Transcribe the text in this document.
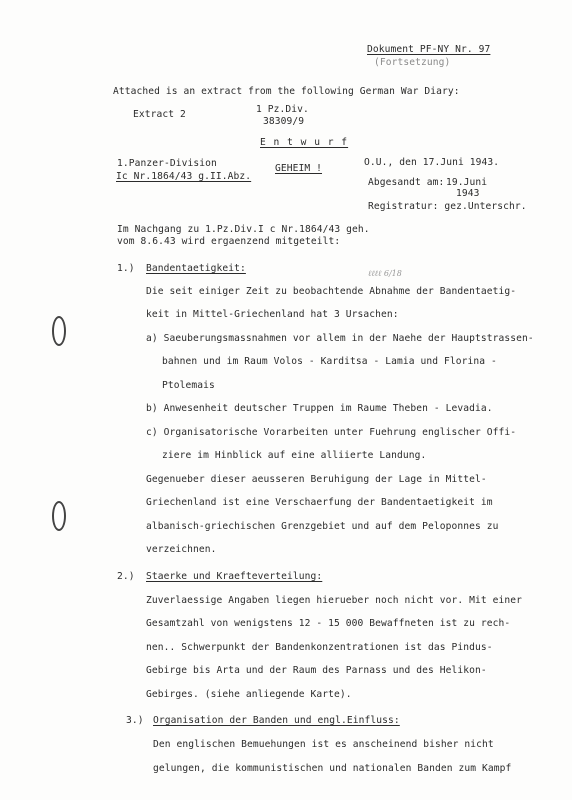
Dokument PF-NY Nr. 97
(Fortsetzung)
Attached is an extract from the following German War Diary:
Extract 2	1 Pz.Div.
38309/9
E n t w u r f
1.Panzer-Division
Ic Nr.1864/43 g.II.Abz.
GEHEIM !
O.U., den 17.Juni 1943.
Abgesandt am: 19.Juni
1943
Registratur: gez.Unterschr.
Im Nachgang zu 1.Pz.Div.I c Nr.1864/43 geh.
vom 8.6.43 wird ergaenzend mitgeteilt:
ℓℓℓℓ 6/18
1.) Bandentaetigkeit:
Die seit einiger Zeit zu beobachtende Abnahme der Bandentaetig-
keit in Mittel-Griechenland hat 3 Ursachen:
a) Saeuberungsmassnahmen vor allem in der Naehe der Hauptstrassen-
bahnen und im Raum Volos - Karditsa - Lamia und Florina -
Ptolemais
b) Anwesenheit deutscher Truppen im Raume Theben - Levadia.
c) Organisatorische Vorarbeiten unter Fuehrung englischer Offi-
ziere im Hinblick auf eine alliierte Landung.
Gegenueber dieser aeusseren Beruhigung der Lage in Mittel-
Griechenland ist eine Verschaerfung der Bandentaetigkeit im
albanisch-griechischen Grenzgebiet und auf dem Peloponnes zu
verzeichnen.
2.) Staerke und Kraefteverteilung:
Zuverlaessige Angaben liegen hierueber noch nicht vor. Mit einer
Gesamtzahl von wenigstens 12 - 15 000 Bewaffneten ist zu rech-
nen.. Schwerpunkt der Bandenkonzentrationen ist das Pindus-
Gebirge bis Arta und der Raum des Parnass und des Helikon-
Gebirges. (siehe anliegende Karte).
3.) Organisation der Banden und engl.Einfluss:
Den englischen Bemuehungen ist es anscheinend bisher nicht
gelungen, die kommunistischen und nationalen Banden zum Kampf
